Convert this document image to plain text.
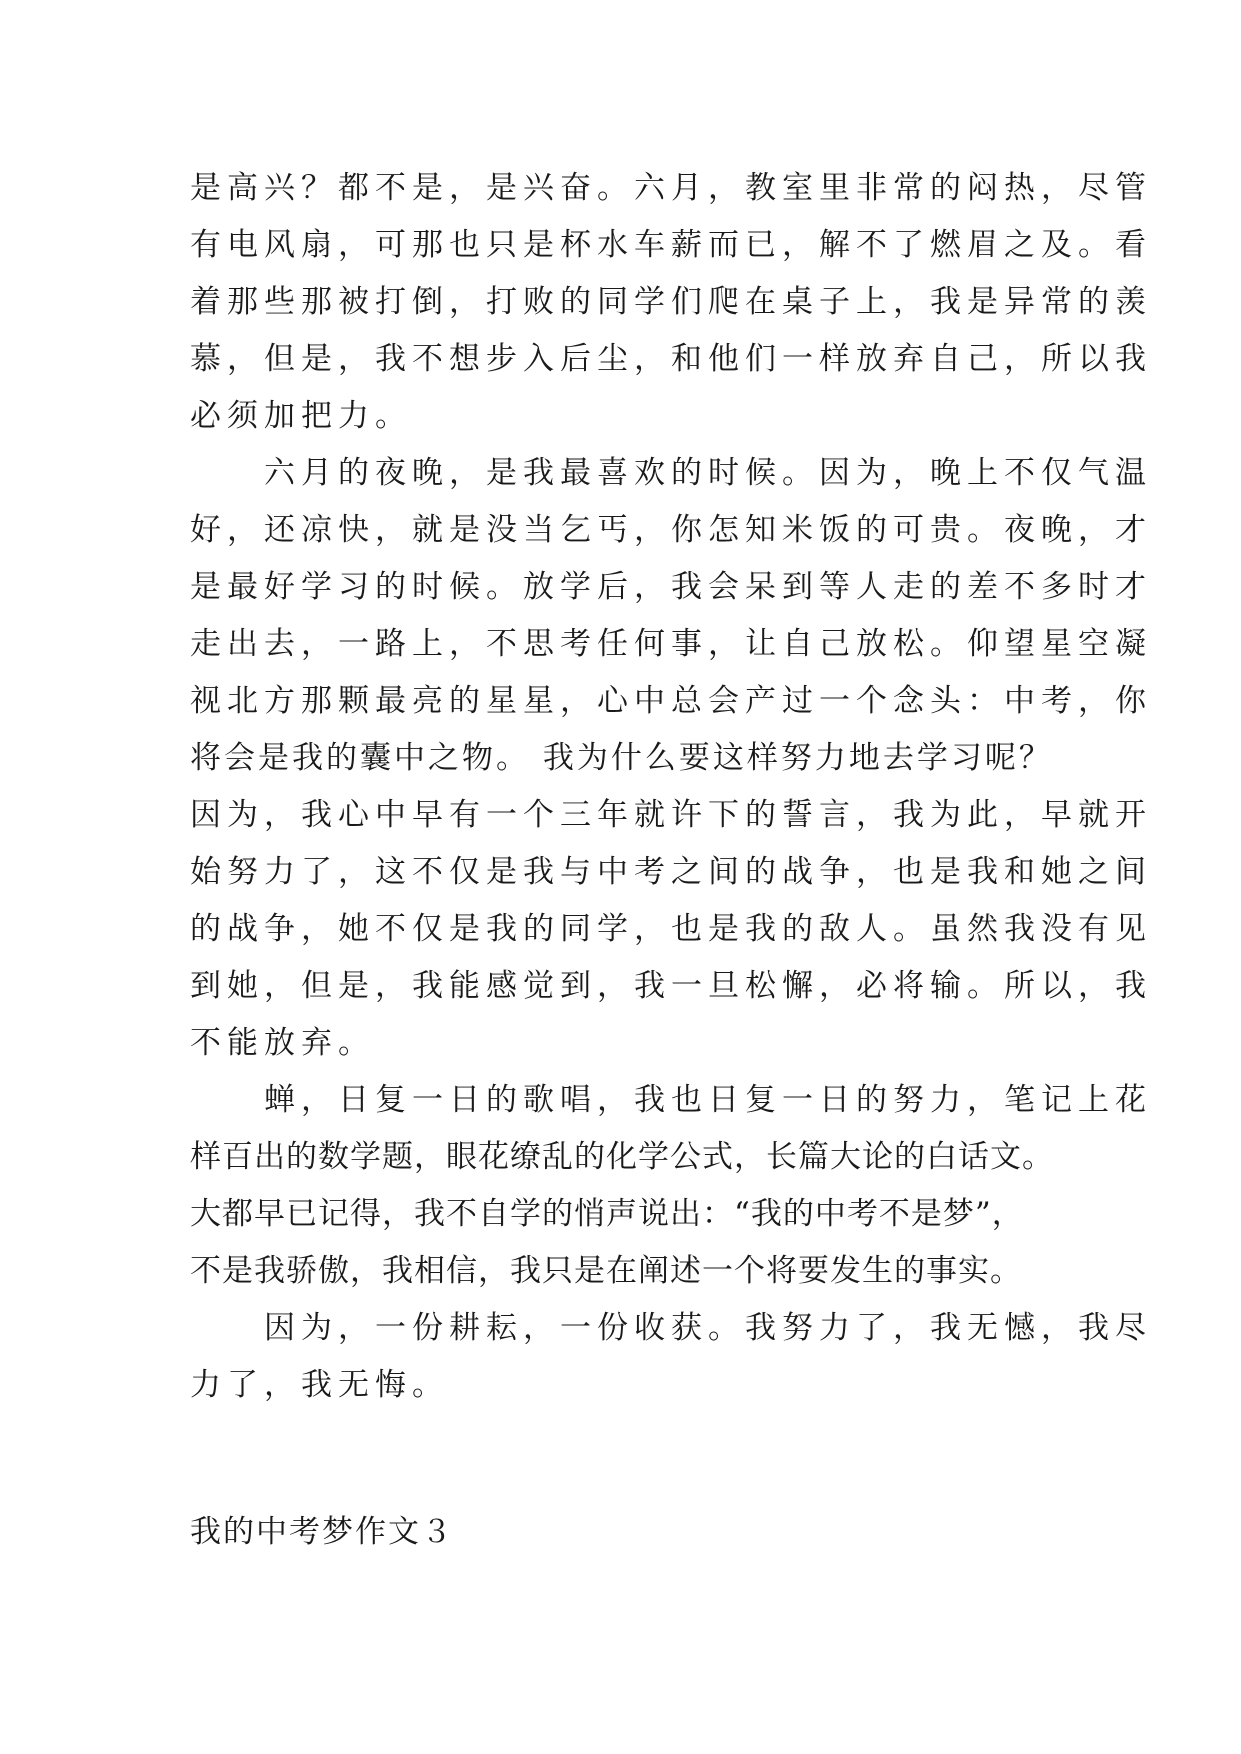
是高兴？都不是，是兴奋。六月，教室里非常的闷热，尽管
有电风扇，可那也只是杯水车薪而已，解不了燃眉之及。看
着那些那被打倒，打败的同学们爬在桌子上，我是异常的羡
慕，但是，我不想步入后尘，和他们一样放弃自己，所以我
必须加把力。
　　六月的夜晚，是我最喜欢的时候。因为，晚上不仅气温
好，还凉快，就是没当乞丐，你怎知米饭的可贵。夜晚，才
是最好学习的时候。放学后，我会呆到等人走的差不多时才
走出去，一路上，不思考任何事，让自己放松。仰望星空凝
视北方那颗最亮的星星，心中总会产过一个念头：中考，你
将会是我的囊中之物。 我为什么要这样努力地去学习呢？
因为，我心中早有一个三年就许下的誓言，我为此，早就开
始努力了，这不仅是我与中考之间的战争，也是我和她之间
的战争，她不仅是我的同学，也是我的敌人。虽然我没有见
到她，但是，我能感觉到，我一旦松懈，必将输。所以，我
不能放弃。
　　蝉，日复一日的歌唱，我也日复一日的努力，笔记上花
样百出的数学题，眼花缭乱的化学公式，长篇大论的白话文。
大都早已记得，我不自学的悄声说出：“我的中考不是梦”，
不是我骄傲，我相信，我只是在阐述一个将要发生的事实。
　　因为，一份耕耘，一份收获。我努力了，我无憾，我尽
力了，我无悔。
我的中考梦作文３
